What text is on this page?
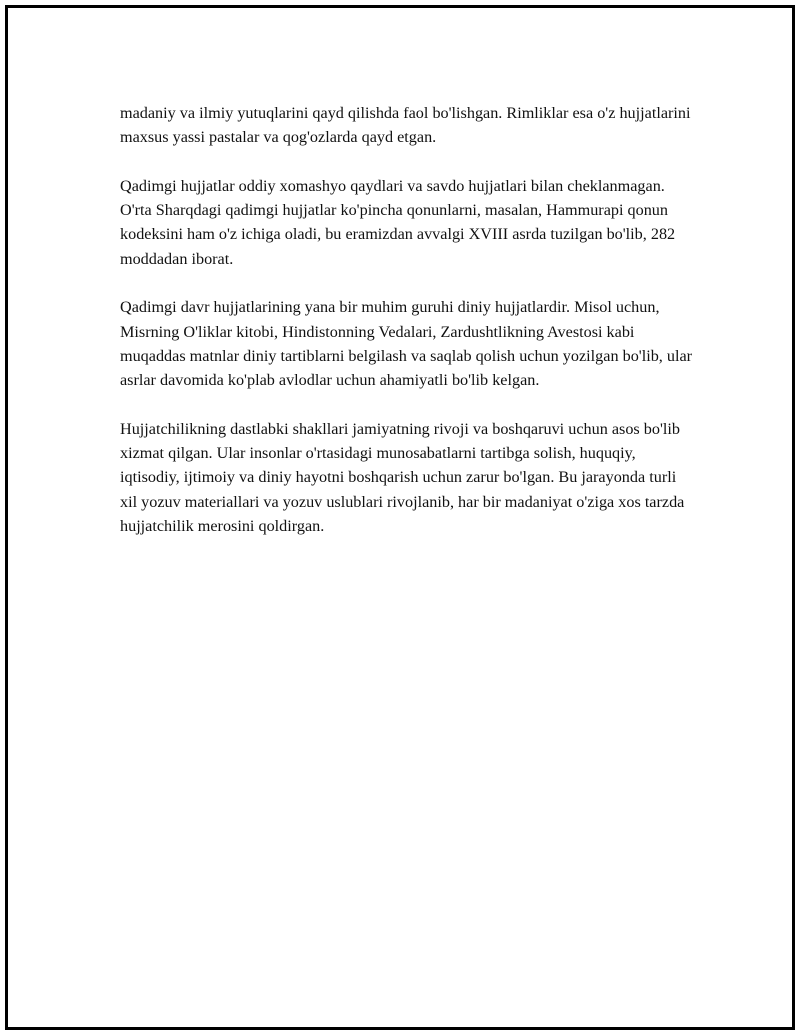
madaniy va ilmiy yutuqlarini qayd qilishda faol bo'lishgan. Rimliklar esa o'z hujjatlarini maxsus yassi pastalar va qog'ozlarda qayd etgan.

Qadimgi hujjatlar oddiy xomashyo qaydlari va savdo hujjatlari bilan cheklanmagan. O'rta Sharqdagi qadimgi hujjatlar ko'pincha qonunlarni, masalan, Hammurapi qonun kodeksini ham o'z ichiga oladi, bu eramizdan avvalgi XVIII asrda tuzilgan bo'lib, 282 moddadan iborat.

Qadimgi davr hujjatlarining yana bir muhim guruhi diniy hujjatlardir. Misol uchun, Misrning O'liklar kitobi, Hindistonning Vedalari, Zardushtlikning Avestosi kabi muqaddas matnlar diniy tartiblarni belgilash va saqlab qolish uchun yozilgan bo'lib, ular asrlar davomida ko'plab avlodlar uchun ahamiyatli bo'lib kelgan.

Hujjatchilikning dastlabki shakllari jamiyatning rivoji va boshqaruvi uchun asos bo'lib xizmat qilgan. Ular insonlar o'rtasidagi munosabatlarni tartibga solish, huquqiy, iqtisodiy, ijtimoiy va diniy hayotni boshqarish uchun zarur bo'lgan. Bu jarayonda turli xil yozuv materiallari va yozuv uslublari rivojlanib, har bir madaniyat o'ziga xos tarzda hujjatchilik merosini qoldirgan.
